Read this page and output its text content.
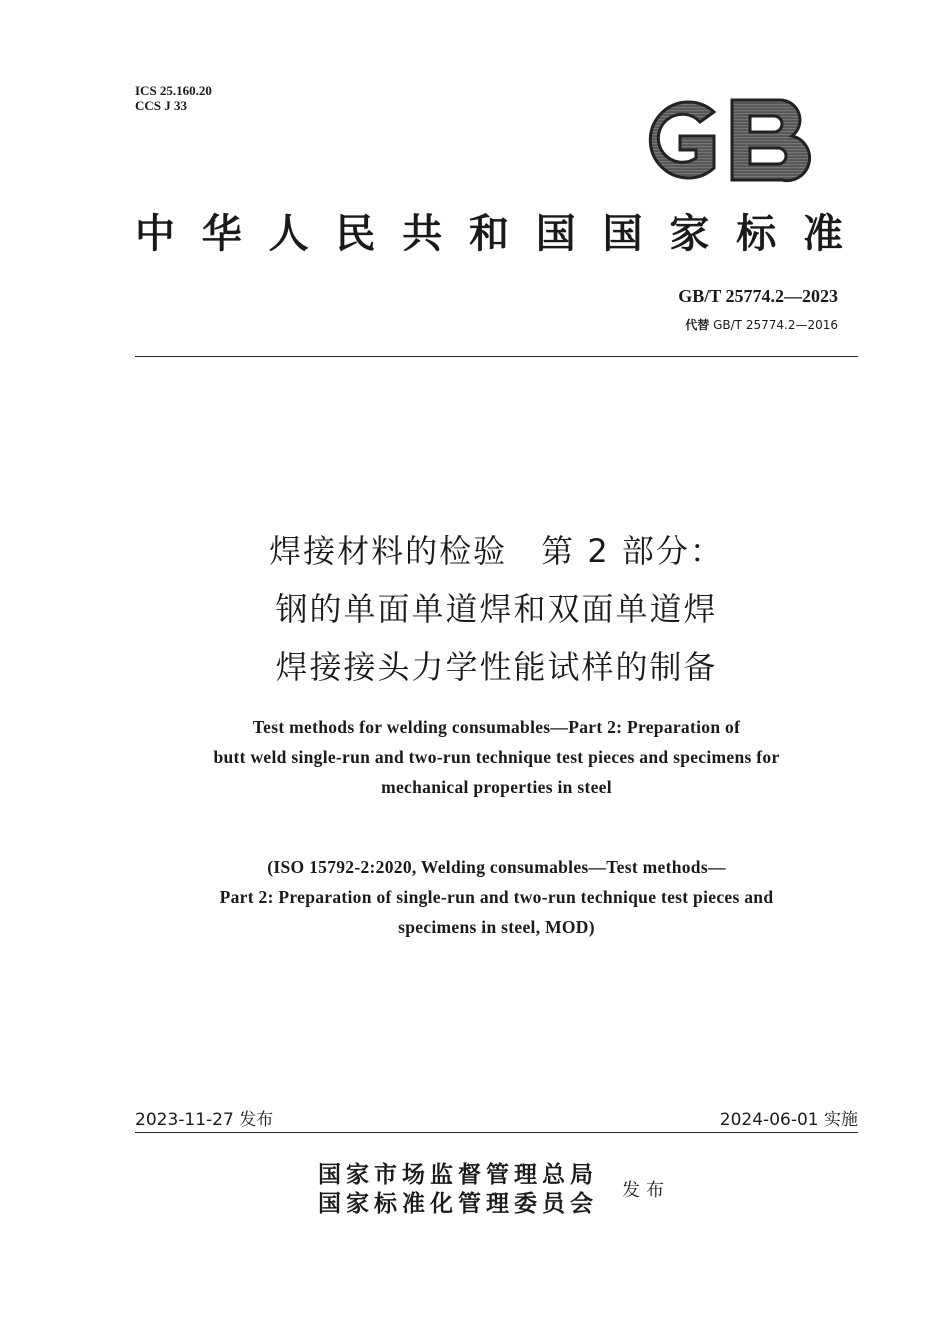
ICS 25.160.20
CCS J 33
中华人民共和国国家标准
GB/T 25774.2—2023
代替 GB/T 25774.2—2016
焊接材料的检验　第 2 部分：
钢的单面单道焊和双面单道焊
焊接接头力学性能试样的制备
Test methods for welding consumables—Part 2: Preparation of
butt weld single-run and two-run technique test pieces and specimens for
mechanical properties in steel
(ISO 15792-2:2020, Welding consumables—Test methods—
Part 2: Preparation of single-run and two-run technique test pieces and
specimens in steel, MOD)
2023-11-27 发布	2024-06-01 实施
国家市场监督管理总局
国家标准化管理委员会 发布
